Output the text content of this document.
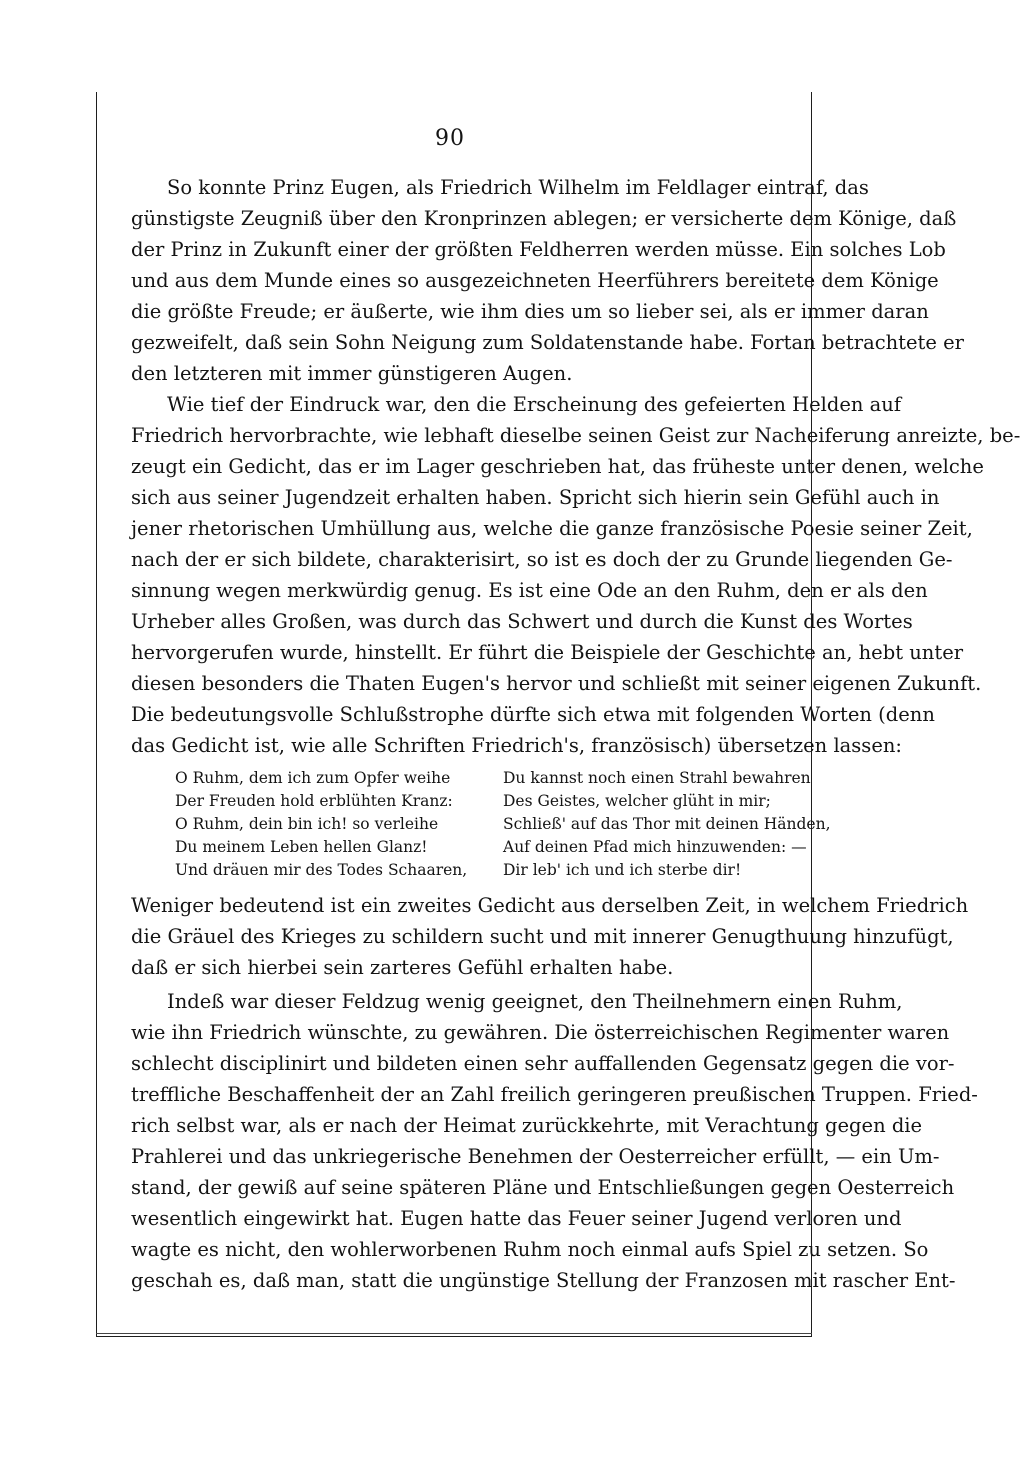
90
So konnte Prinz Eugen, als Friedrich Wilhelm im Feldlager eintraf, das
günstigste Zeugniß über den Kronprinzen ablegen; er versicherte dem Könige, daß
der Prinz in Zukunft einer der größten Feldherren werden müsse. Ein solches Lob
und aus dem Munde eines so ausgezeichneten Heerführers bereitete dem Könige
die größte Freude; er äußerte, wie ihm dies um so lieber sei, als er immer daran
gezweifelt, daß sein Sohn Neigung zum Soldatenstande habe. Fortan betrachtete er
den letzteren mit immer günstigeren Augen.
Wie tief der Eindruck war, den die Erscheinung des gefeierten Helden auf
Friedrich hervorbrachte, wie lebhaft dieselbe seinen Geist zur Nacheiferung anreizte, be-
zeugt ein Gedicht, das er im Lager geschrieben hat, das früheste unter denen, welche
sich aus seiner Jugendzeit erhalten haben. Spricht sich hierin sein Gefühl auch in
jener rhetorischen Umhüllung aus, welche die ganze französische Poesie seiner Zeit,
nach der er sich bildete, charakterisirt, so ist es doch der zu Grunde liegenden Ge-
sinnung wegen merkwürdig genug. Es ist eine Ode an den Ruhm, den er als den
Urheber alles Großen, was durch das Schwert und durch die Kunst des Wortes
hervorgerufen wurde, hinstellt. Er führt die Beispiele der Geschichte an, hebt unter
diesen besonders die Thaten Eugen's hervor und schließt mit seiner eigenen Zukunft.
Die bedeutungsvolle Schlußstrophe dürfte sich etwa mit folgenden Worten (denn
das Gedicht ist, wie alle Schriften Friedrich's, französisch) übersetzen lassen:
O Ruhm, dem ich zum Opfer weihe
Der Freuden hold erblühten Kranz:
O Ruhm, dein bin ich! so verleihe
Du meinem Leben hellen Glanz!
Und dräuen mir des Todes Schaaren,
Du kannst noch einen Strahl bewahren
Des Geistes, welcher glüht in mir;
Schließ' auf das Thor mit deinen Händen,
Auf deinen Pfad mich hinzuwenden: —
Dir leb' ich und ich sterbe dir!
Weniger bedeutend ist ein zweites Gedicht aus derselben Zeit, in welchem Friedrich
die Gräuel des Krieges zu schildern sucht und mit innerer Genugthuung hinzufügt,
daß er sich hierbei sein zarteres Gefühl erhalten habe.
Indeß war dieser Feldzug wenig geeignet, den Theilnehmern einen Ruhm,
wie ihn Friedrich wünschte, zu gewähren. Die österreichischen Regimenter waren
schlecht disciplinirt und bildeten einen sehr auffallenden Gegensatz gegen die vor-
treffliche Beschaffenheit der an Zahl freilich geringeren preußischen Truppen. Fried-
rich selbst war, als er nach der Heimat zurückkehrte, mit Verachtung gegen die
Prahlerei und das unkriegerische Benehmen der Oesterreicher erfüllt, — ein Um-
stand, der gewiß auf seine späteren Pläne und Entschließungen gegen Oesterreich
wesentlich eingewirkt hat. Eugen hatte das Feuer seiner Jugend verloren und
wagte es nicht, den wohlerworbenen Ruhm noch einmal aufs Spiel zu setzen. So
geschah es, daß man, statt die ungünstige Stellung der Franzosen mit rascher Ent-
